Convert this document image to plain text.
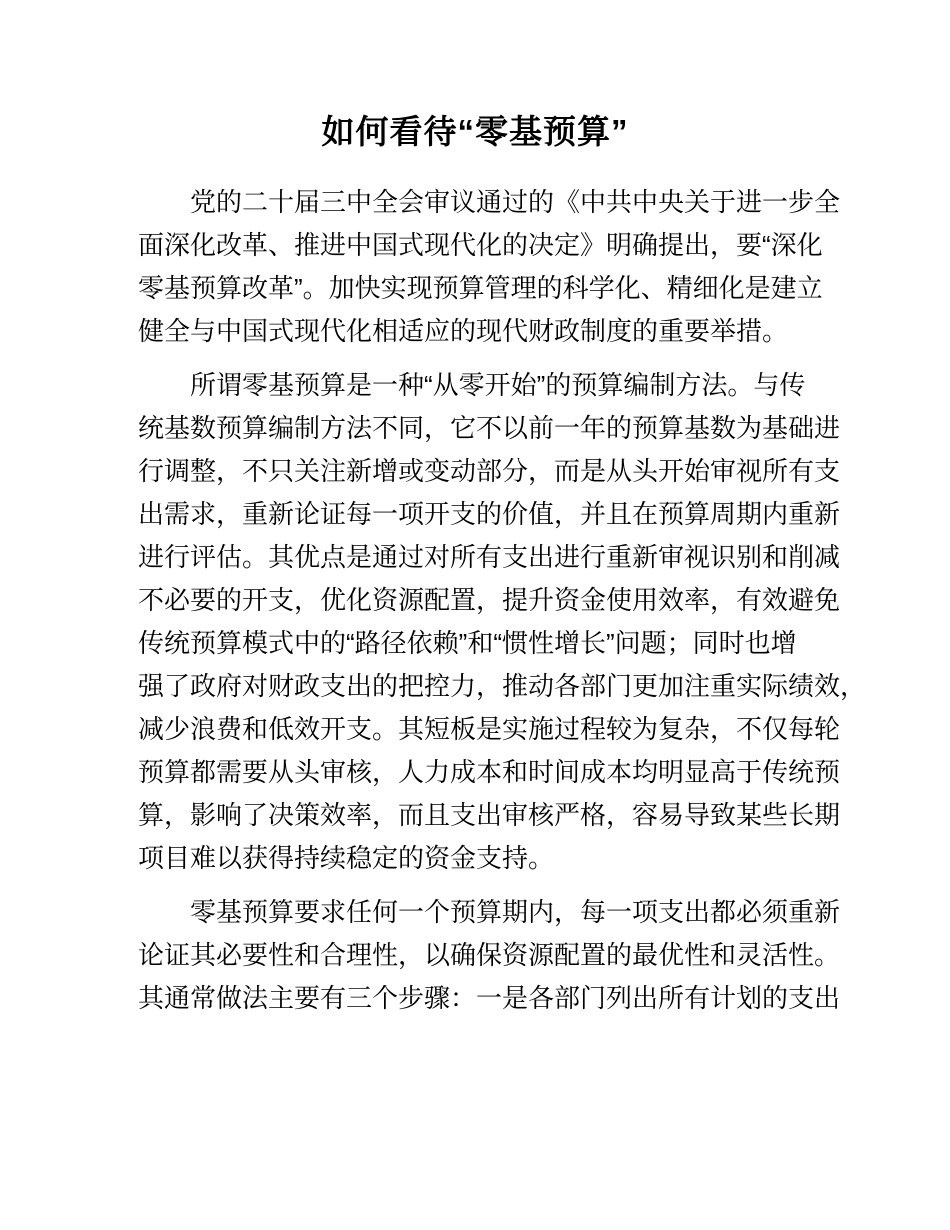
如何看待“零基预算”
党的二十届三中全会审议通过的《中共中央关于进一步全
面深化改革、推进中国式现代化的决定》明确提出，要“深化
零基预算改革”。加快实现预算管理的科学化、精细化是建立
健全与中国式现代化相适应的现代财政制度的重要举措。
所谓零基预算是一种“从零开始”的预算编制方法。与传
统基数预算编制方法不同，它不以前一年的预算基数为基础进
行调整，不只关注新增或变动部分，而是从头开始审视所有支
出需求，重新论证每一项开支的价值，并且在预算周期内重新
进行评估。其优点是通过对所有支出进行重新审视识别和削减
不必要的开支，优化资源配置，提升资金使用效率，有效避免
传统预算模式中的“路径依赖”和“惯性增长”问题；同时也增
强了政府对财政支出的把控力，推动各部门更加注重实际绩效，
减少浪费和低效开支。其短板是实施过程较为复杂，不仅每轮
预算都需要从头审核，人力成本和时间成本均明显高于传统预
算，影响了决策效率，而且支出审核严格，容易导致某些长期
项目难以获得持续稳定的资金支持。
零基预算要求任何一个预算期内，每一项支出都必须重新
论证其必要性和合理性，以确保资源配置的最优性和灵活性。
其通常做法主要有三个步骤：一是各部门列出所有计划的支出
